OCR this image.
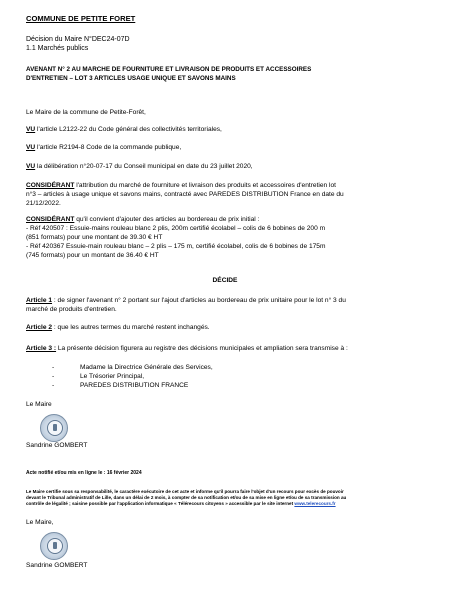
COMMUNE DE PETITE FORET
Décision du Maire N°DEC24-07D
1.1 Marchés publics
AVENANT N° 2 AU MARCHE DE FOURNITURE ET LIVRAISON DE PRODUITS ET ACCESSOIRES
D'ENTRETIEN – LOT 3 ARTICLES USAGE UNIQUE ET SAVONS MAINS
Le Maire de la commune de Petite-Forêt,
VU l'article L2122-22 du Code général des collectivités territoriales,
VU l'article R2194-8 Code de la commande publique,
VU la délibération n°20-07-17 du Conseil municipal en date du 23 juillet 2020,
CONSIDÉRANT l'attribution du marché de fourniture et livraison des produits et accessoires d'entretien lot
n°3 – articles à usage unique et savons mains, contracté avec PAREDES DISTRIBUTION France en date du
21/12/2022.
CONSIDÉRANT qu'il convient d'ajouter des articles au bordereau de prix initial :
- Réf 420507 : Essuie-mains rouleau blanc 2 plis, 200m certifié écolabel – colis de 6 bobines de 200 m
(851 formats) pour une montant de 39.30 € HT
- Réf 420367 Essuie-main rouleau blanc – 2 plis – 175 m, certifié écolabel, colis de 6 bobines de 175m
(745 formats) pour un montant de 36.40 € HT
DÉCIDE
Article 1 : de signer l'avenant n° 2 portant sur l'ajout d'articles au bordereau de prix unitaire pour le lot n° 3 du
marché de produits d'entretien.
Article 2 : que les autres termes du marché restent inchangés.
Article 3 : La présente décision figurera au registre des décisions municipales et ampliation sera transmise à :
-	Madame la Directrice Générale des Services,
-	Le Trésorier Principal,
-	PAREDES DISTRIBUTION FRANCE
Le Maire
Sandrine GOMBERT
Acte notifié et/ou mis en ligne le : 16 février 2024
Le Maire certifie sous sa responsabilité, le caractère exécutoire de cet acte et informe qu'il pourra faire l'objet d'un recours pour excès de pouvoir
devant le Tribunal administratif de Lille, dans un délai de 2 mois, à compter de sa notification et/ou de sa mise en ligne et/ou de sa transmission au
contrôle de légalité ; saisine possible par l'application informatique « Télérecours citoyens » accessible par le site internet www.telerecours.fr
Le Maire,
Sandrine GOMBERT
